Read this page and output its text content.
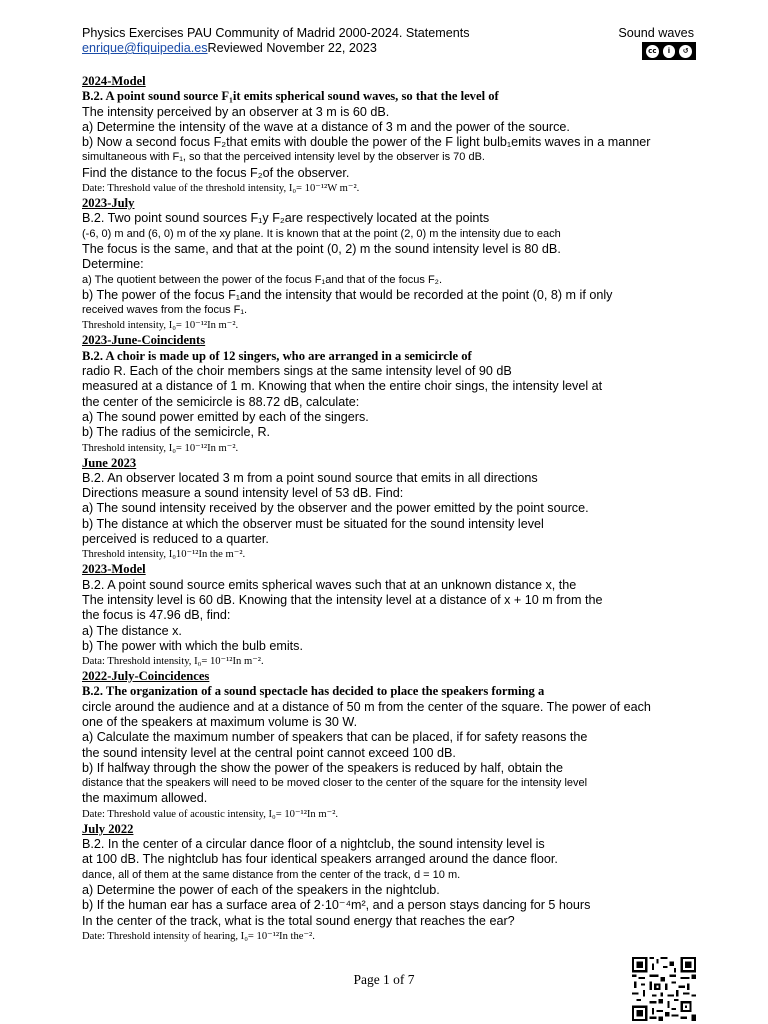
Physics Exercises PAU Community of Madrid 2000-2024. Statements	Sound waves
enrique@fiquipedia.esReviewed November 22, 2023	cc	i	↺
2024-Model
B.2. A point sound source F₁it emits spherical sound waves, so that the level of
The intensity perceived by an observer at 3 m is 60 dB.
a) Determine the intensity of the wave at a distance of 3 m and the power of the source.
b) Now a second focus F₂that emits with double the power of the F light bulb₁emits waves in a manner
simultaneous with F₁, so that the perceived intensity level by the observer is 70 dB.
Find the distance to the focus F₂of the observer.
Date: Threshold value of the threshold intensity, I₀= 10⁻¹²W m⁻².
2023-July
B.2. Two point sound sources F₁y F₂are respectively located at the points
(-6, 0) m and (6, 0) m of the xy plane. It is known that at the point (2, 0) m the intensity due to each
The focus is the same, and that at the point (0, 2) m the sound intensity level is 80 dB.
Determine:
a) The quotient between the power of the focus F₁and that of the focus F₂.
b) The power of the focus F₁and the intensity that would be recorded at the point (0, 8) m if only
received waves from the focus F₁.
Threshold intensity, I₀= 10⁻¹²In m⁻².
2023-June-Coincidents
B.2. A choir is made up of 12 singers, who are arranged in a semicircle of
radio R. Each of the choir members sings at the same intensity level of 90 dB
measured at a distance of 1 m. Knowing that when the entire choir sings, the intensity level at
the center of the semicircle is 88.72 dB, calculate:
a) The sound power emitted by each of the singers.
b) The radius of the semicircle, R.
Threshold intensity, I₀= 10⁻¹²In m⁻².
June 2023
B.2. An observer located 3 m from a point sound source that emits in all directions
Directions measure a sound intensity level of 53 dB. Find:
a) The sound intensity received by the observer and the power emitted by the point source.
b) The distance at which the observer must be situated for the sound intensity level
perceived is reduced to a quarter.
Threshold intensity, I₀10⁻¹²In the m⁻².
2023-Model
B.2. A point sound source emits spherical waves such that at an unknown distance x, the
The intensity level is 60 dB. Knowing that the intensity level at a distance of x + 10 m from the
the focus is 47.96 dB, find:
a) The distance x.
b) The power with which the bulb emits.
Data: Threshold intensity, I₀= 10⁻¹²In m⁻².
2022-July-Coincidences
B.2. The organization of a sound spectacle has decided to place the speakers forming a
circle around the audience and at a distance of 50 m from the center of the square. The power of each
one of the speakers at maximum volume is 30 W.
a) Calculate the maximum number of speakers that can be placed, if for safety reasons the
the sound intensity level at the central point cannot exceed 100 dB.
b) If halfway through the show the power of the speakers is reduced by half, obtain the
distance that the speakers will need to be moved closer to the center of the square for the intensity level
the maximum allowed.
Date: Threshold value of acoustic intensity, I₀= 10⁻¹²In m⁻².
July 2022
B.2. In the center of a circular dance floor of a nightclub, the sound intensity level is
at 100 dB. The nightclub has four identical speakers arranged around the dance floor.
dance, all of them at the same distance from the center of the track, d = 10 m.
a) Determine the power of each of the speakers in the nightclub.
b) If the human ear has a surface area of 2·10⁻⁴m², and a person stays dancing for 5 hours
In the center of the track, what is the total sound energy that reaches the ear?
Date: Threshold intensity of hearing, I₀= 10⁻¹²In the⁻².
Page 1 of 7
